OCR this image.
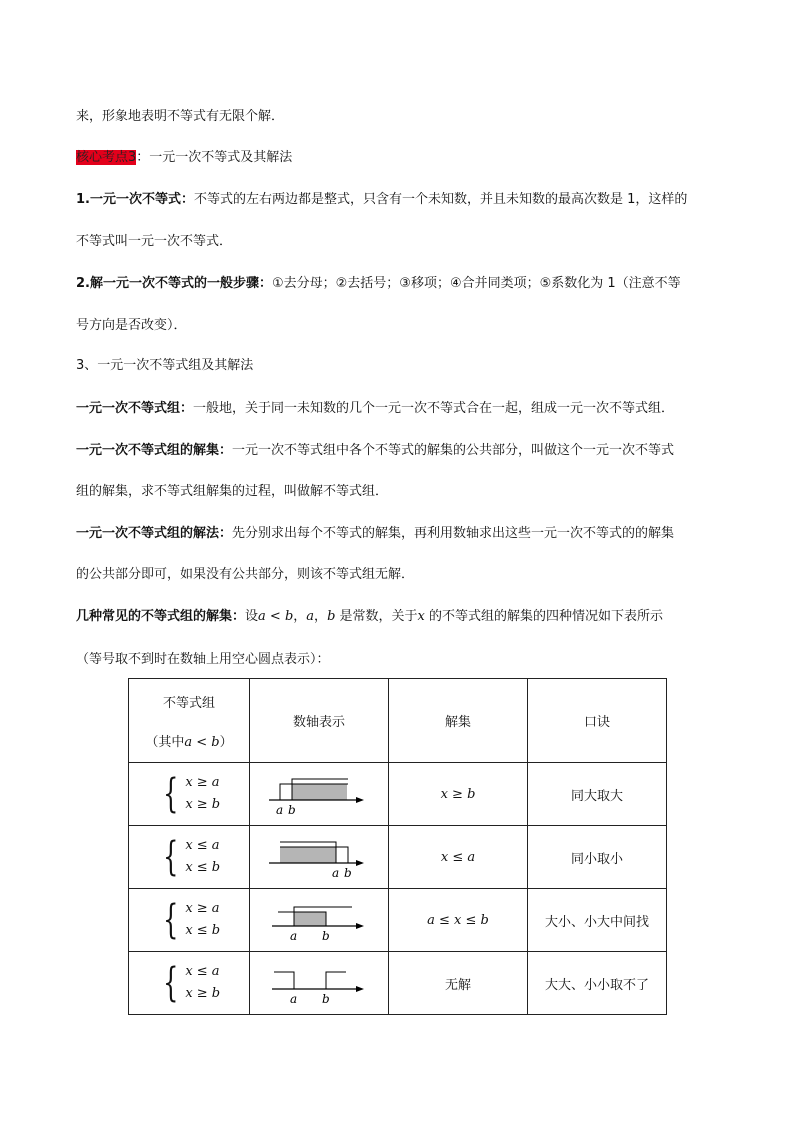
来，形象地表明不等式有无限个解．
核心考点3：一元一次不等式及其解法
1.一元一次不等式：不等式的左右两边都是整式，只含有一个未知数，并且未知数的最高次数是 1，这样的
不等式叫一元一次不等式．
2.解一元一次不等式的一般步骤：①去分母；②去括号；③移项；④合并同类项；⑤系数化为 1（注意不等
号方向是否改变）．
3、一元一次不等式组及其解法
一元一次不等式组：一般地，关于同一未知数的几个一元一次不等式合在一起，组成一元一次不等式组．
一元一次不等式组的解集：一元一次不等式组中各个不等式的解集的公共部分，叫做这个一元一次不等式
组的解集，求不等式组解集的过程，叫做解不等式组．
一元一次不等式组的解法：先分别求出每个不等式的解集，再利用数轴求出这些一元一次不等式的的解集
的公共部分即可，如果没有公共部分，则该不等式组无解．
几种常见的不等式组的解集：设a < b，a，b 是常数，关于x 的不等式组的解集的四种情况如下表所示
（等号取不到时在数轴上用空心圆点表示）：
不等式组
（其中a < b）	数轴表示	解集	口诀

{ x ≥ a
x ≥ b	a b	x ≥ b	同大取大

{ x ≤ a
x ≤ b	a b	x ≤ a	同小取小

{ x ≥ a
x ≤ b	a b	a ≤ x ≤ b	大小、小大中间找

{ x ≤ a
x ≥ b	a b	无解	大大、小小取不了
